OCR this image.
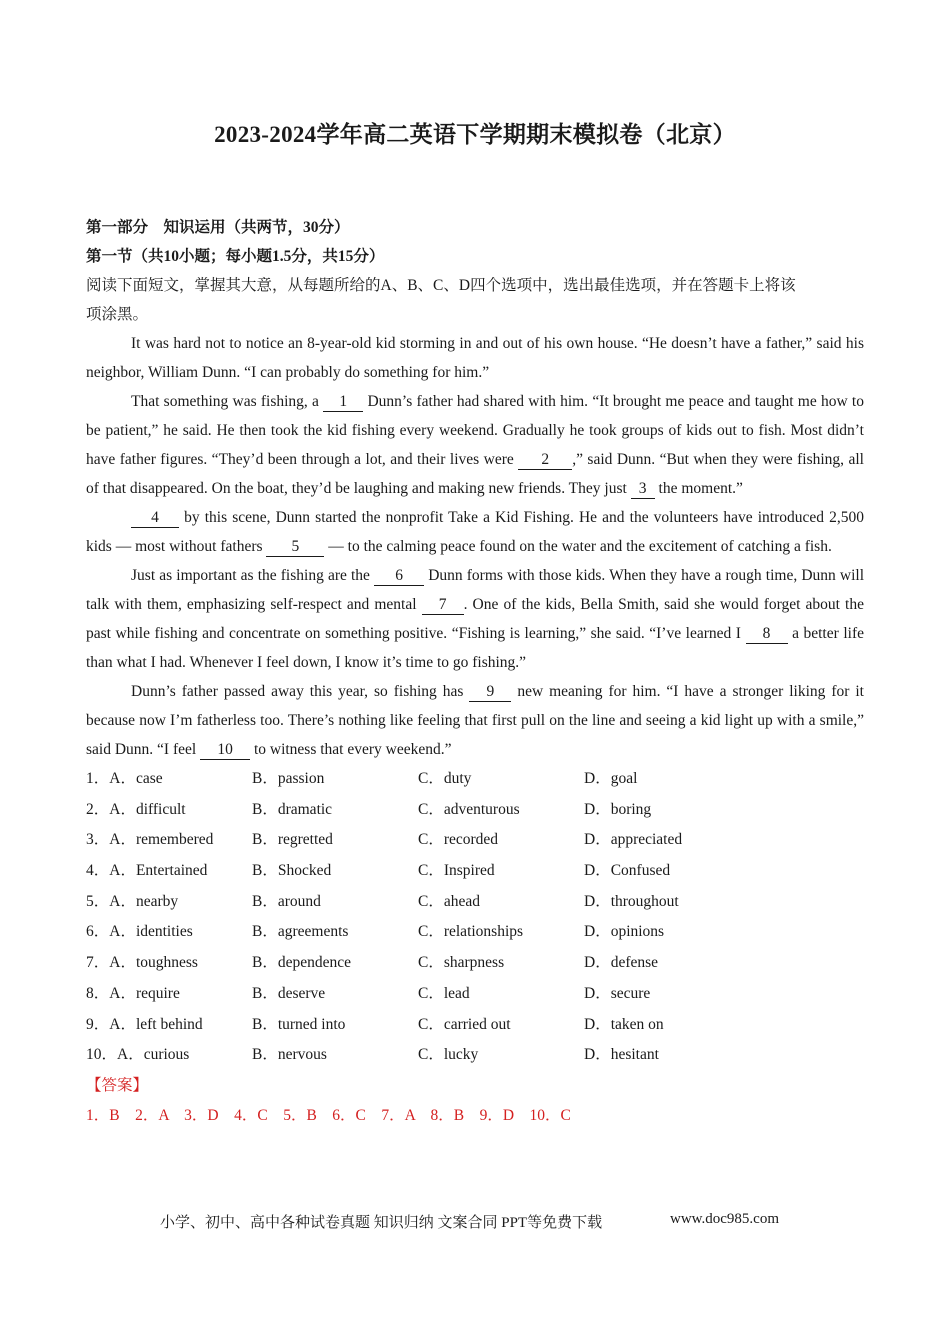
2023-2024学年高二英语下学期期末模拟卷（北京）
第一部分　知识运用（共两节，30分）
第一节（共10小题；每小题1.5分，共15分）
阅读下面短文，掌握其大意，从每题所给的A、B、C、D四个选项中，选出最佳选项，并在答题卡上将该
项涂黑。

It was hard not to notice an 8-year-old kid storming in and out of his own house. “He doesn’t have a father,” said his neighbor, William Dunn. “I can probably do something for him.”

That something was fishing, a 1 Dunn’s father had shared with him. “It brought me peace and taught me how to be patient,” he said. He then took the kid fishing every weekend. Gradually he took groups of kids out to fish. Most didn’t have father figures. “They’d been through a lot, and their lives were 2 ,” said Dunn. “But when they were fishing, all of that disappeared. On the boat, they’d be laughing and making new friends. They just 3 the moment.”

4 by this scene, Dunn started the nonprofit Take a Kid Fishing. He and the volunteers have introduced 2,500 kids — most without fathers 5 — to the calming peace found on the water and the excitement of catching a fish.

Just as important as the fishing are the 6 Dunn forms with those kids. When they have a rough time, Dunn will talk with them, emphasizing self-respect and mental 7 . One of the kids, Bella Smith, said she would forget about the past while fishing and concentrate on something positive. “Fishing is learning,” she said. “I’ve learned I 8 a better life than what I had. Whenever I feel down, I know it’s time to go fishing.”

Dunn’s father passed away this year, so fishing has 9 new meaning for him. “I have a stronger liking for it because now I’m fatherless too. There’s nothing like feeling that first pull on the line and seeing a kid light up with a smile,” said Dunn. “I feel 10 to witness that every weekend.”

1．A．case	B．passion	C．duty	D．goal
2．A．difficult	B．dramatic	C．adventurous	D．boring
3．A．remembered B．regretted	C．recorded	D．appreciated
4．A．Entertained	B．Shocked	C．Inspired	D．Confused
5．A．nearby	B．around	C．ahead	D．throughout
6．A．identities	B．agreements	C．relationships	D．opinions
7．A．toughness	B．dependence	C．sharpness	D．defense
8．A．require	B．deserve	C．lead	D．secure
9．A．left behind	B．turned into	C．carried out	D．taken on
10．A．curious	B．nervous	C．lucky	D．hesitant
【答案】
1．B　2．A　3．D　4．C　5．B　6．C　7．A　8．B　9．D　10．C
小学、初中、高中各种试卷真题 知识归纳 文案合同 PPT等免费下载	www.doc985.com
